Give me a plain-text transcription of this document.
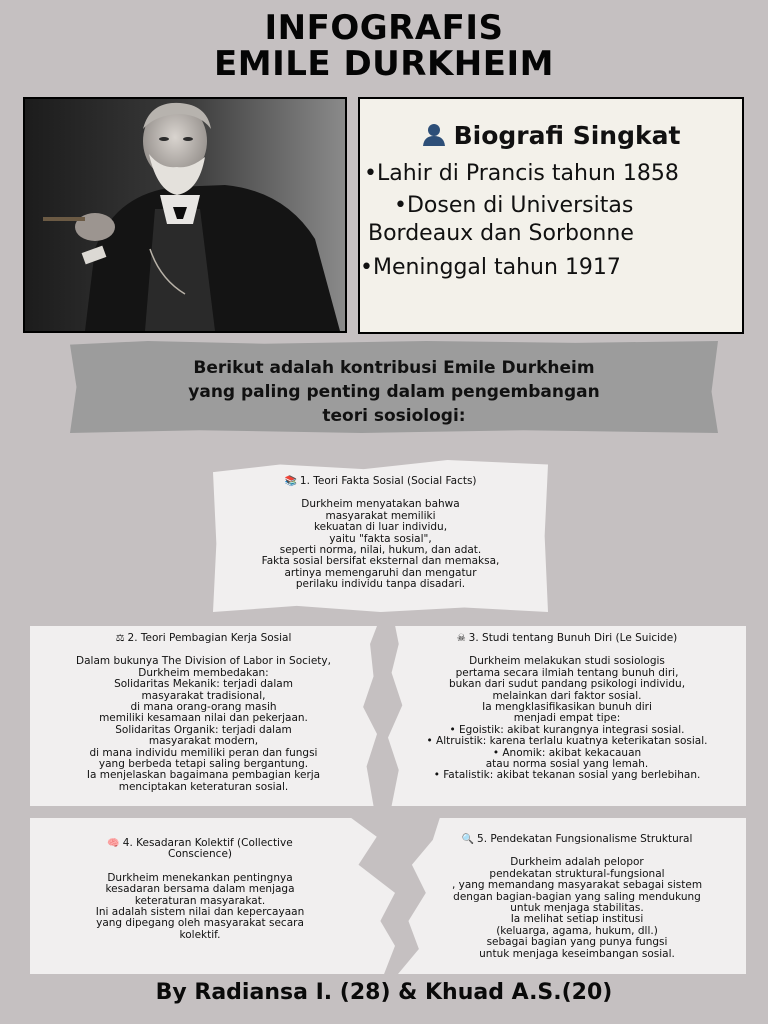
INFOGRAFIS
EMILE DURKHEIM
Biografi Singkat
•Lahir di Prancis tahun 1858
•Dosen di Universitas
Bordeaux dan Sorbonne
•Meninggal tahun 1917
Berikut adalah kontribusi Emile Durkheim
yang paling penting dalam pengembangan
teori sosiologi:
📚 1. Teori Fakta Sosial (Social Facts)
Durkheim menyatakan bahwa
masyarakat memiliki
kekuatan di luar individu,
yaitu "fakta sosial",
seperti norma, nilai, hukum, dan adat.
Fakta sosial bersifat eksternal dan memaksa,
artinya memengaruhi dan mengatur
perilaku individu tanpa disadari.
⚖ 2. Teori Pembagian Kerja Sosial
Dalam bukunya The Division of Labor in Society,
Durkheim membedakan:
Solidaritas Mekanik: terjadi dalam
masyarakat tradisional,
di mana orang-orang masih
memiliki kesamaan nilai dan pekerjaan.
Solidaritas Organik: terjadi dalam
masyarakat modern,
di mana individu memiliki peran dan fungsi
yang berbeda tetapi saling bergantung.
Ia menjelaskan bagaimana pembagian kerja
menciptakan keteraturan sosial.
☠ 3. Studi tentang Bunuh Diri (Le Suicide)
Durkheim melakukan studi sosiologis
pertama secara ilmiah tentang bunuh diri,
bukan dari sudut pandang psikologi individu,
melainkan dari faktor sosial.
Ia mengklasifikasikan bunuh diri
menjadi empat tipe:
• Egoistik: akibat kurangnya integrasi sosial.
• Altruistik: karena terlalu kuatnya keterikatan sosial.
• Anomik: akibat kekacauan
atau norma sosial yang lemah.
• Fatalistik: akibat tekanan sosial yang berlebihan.
🧠 4. Kesadaran Kolektif (Collective
Conscience)
Durkheim menekankan pentingnya
kesadaran bersama dalam menjaga
keteraturan masyarakat.
Ini adalah sistem nilai dan kepercayaan
yang dipegang oleh masyarakat secara
kolektif.
🔍 5. Pendekatan Fungsionalisme Struktural
Durkheim adalah pelopor
pendekatan struktural-fungsional
, yang memandang masyarakat sebagai sistem
dengan bagian-bagian yang saling mendukung
untuk menjaga stabilitas.
Ia melihat setiap institusi
(keluarga, agama, hukum, dll.)
sebagai bagian yang punya fungsi
untuk menjaga keseimbangan sosial.
By Radiansa I. (28) & Khuad A.S.(20)
